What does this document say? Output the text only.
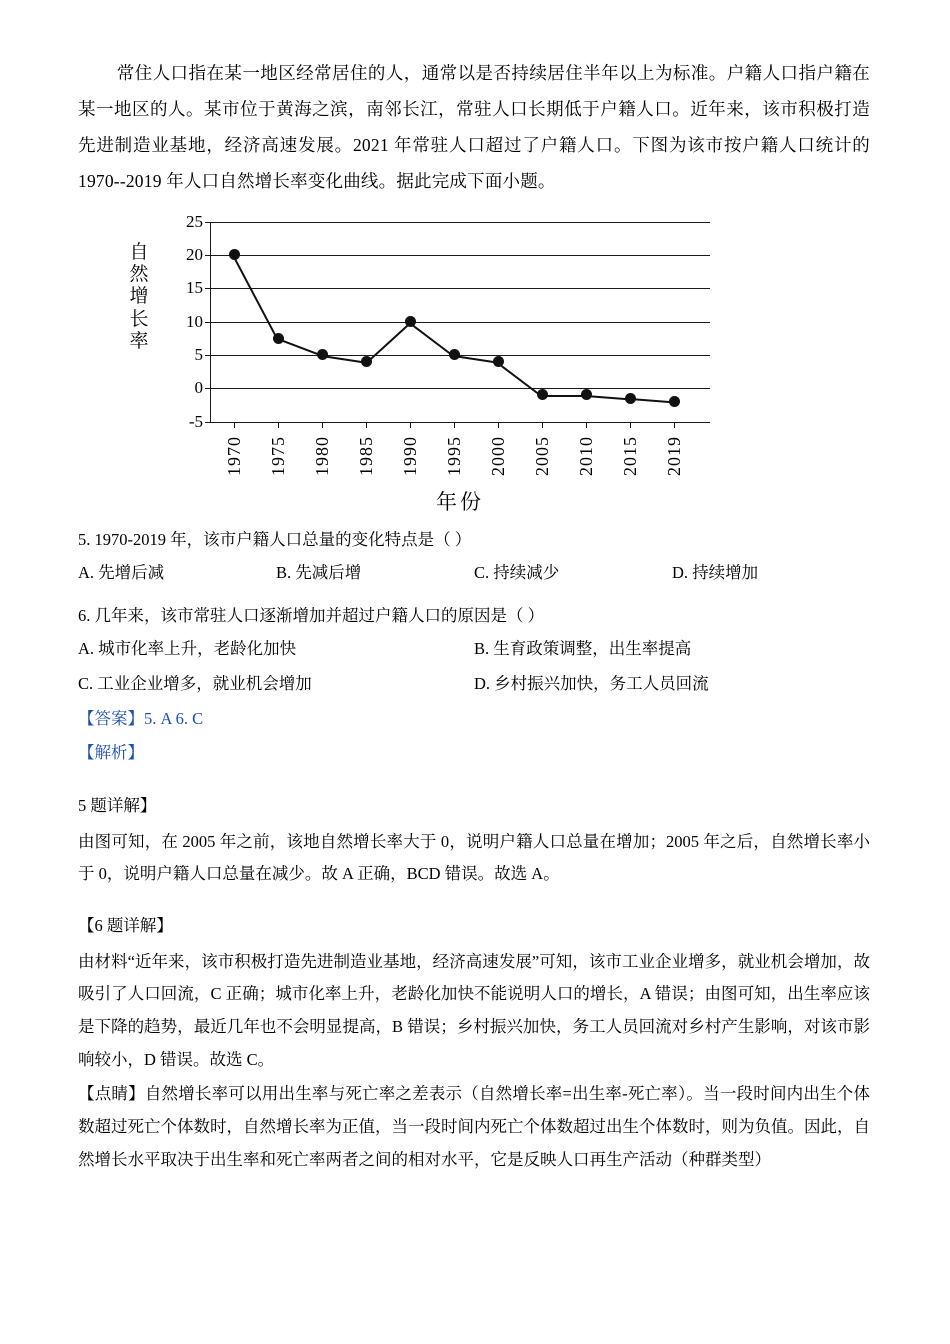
常住人口指在某一地区经常居住的人，通常以是否持续居住半年以上为标准。户籍人口指户籍在某一地区的人。某市位于黄海之滨，南邻长江，常驻人口长期低于户籍人口。近年来，该市积极打造先进制造业基地，经济高速发展。2021 年常驻人口超过了户籍人口。下图为该市按户籍人口统计的 1970--2019 年人口自然增长率变化曲线。据此完成下面小题。
自然增长率
25
20
15
10
5
0
-5
1970 1975 1980 1985 1990 1995 2000 2005 2010 2015 2019
年份
5. 1970-2019 年，该市户籍人口总量的变化特点是（ ）
A. 先增后减	B. 先减后增	C. 持续减少	D. 持续增加
6. 几年来，该市常驻人口逐渐增加并超过户籍人口的原因是（ ）
A. 城市化率上升，老龄化加快	B. 生育政策调整，出生率提高
C. 工业企业增多，就业机会增加	D. 乡村振兴加快，务工人员回流
【答案】5. A 6. C
【解析】
5 题详解】
由图可知，在 2005 年之前，该地自然增长率大于 0，说明户籍人口总量在增加；2005 年之后，自然增长率小于 0，说明户籍人口总量在减少。故 A 正确，BCD 错误。故选 A。
【6 题详解】
由材料“近年来，该市积极打造先进制造业基地，经济高速发展”可知，该市工业企业增多，就业机会增加，故吸引了人口回流，C 正确；城市化率上升，老龄化加快不能说明人口的增长，A 错误；由图可知，出生率应该是下降的趋势，最近几年也不会明显提高，B 错误；乡村振兴加快，务工人员回流对乡村产生影响，对该市影响较小，D 错误。故选 C。
【点睛】自然增长率可以用出生率与死亡率之差表示（自然增长率=出生率-死亡率）。当一段时间内出生个体数超过死亡个体数时，自然增长率为正值，当一段时间内死亡个体数超过出生个体数时，则为负值。因此，自然增长水平取决于出生率和死亡率两者之间的相对水平，它是反映人口再生产活动（种群类型）
